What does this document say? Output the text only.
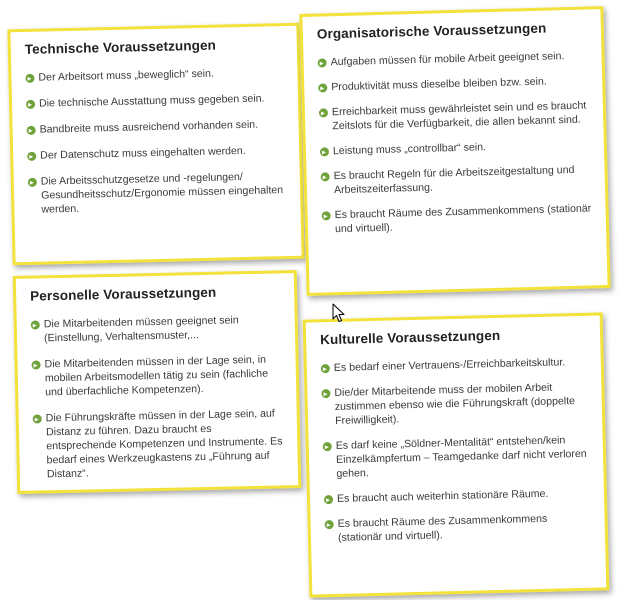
Technische Voraussetzungen
Der Arbeitsort muss „beweglich“ sein.
Die technische Ausstattung muss gegeben sein.
Bandbreite muss ausreichend vorhanden sein.
Der Datenschutz muss eingehalten werden.
Die Arbeitsschutzgesetze und -regelungen/ Gesundheitsschutz/Ergonomie müssen eingehalten werden.
Organisatorische Voraussetzungen
Aufgaben müssen für mobile Arbeit geeignet sein.
Produktivität muss dieselbe bleiben bzw. sein.
Erreichbarkeit muss gewährleistet sein und es braucht Zeitslots für die Verfügbarkeit, die allen bekannt sind.
Leistung muss „controllbar“ sein.
Es braucht Regeln für die Arbeitszeitgestaltung und Arbeitszeiterfassung.
Es braucht Räume des Zusammenkommens (stationär und virtuell).
Personelle Voraussetzungen
Die Mitarbeitenden müssen geeignet sein (Einstellung, Verhaltensmuster,...
Die Mitarbeitenden müssen in der Lage sein, in mobilen Arbeitsmodellen tätig zu sein (fachliche und überfachliche Kompetenzen).
Die Führungskräfte müssen in der Lage sein, auf Distanz zu führen. Dazu braucht es entsprechende Kompetenzen und Instrumente. Es bedarf eines Werkzeugkastens zu „Führung auf Distanz“.
Kulturelle Voraussetzungen
Es bedarf einer Vertrauens-/Erreichbarkeitskultur.
Die/der Mitarbeitende muss der mobilen Arbeit zustimmen ebenso wie die Führungskraft (doppelte Freiwilligkeit).
Es darf keine „Söldner-Mentalität“ entstehen/kein Einzelkämpfertum – Teamgedanke darf nicht verloren gehen.
Es braucht auch weiterhin stationäre Räume.
Es braucht Räume des Zusammenkommens (stationär und virtuell).
